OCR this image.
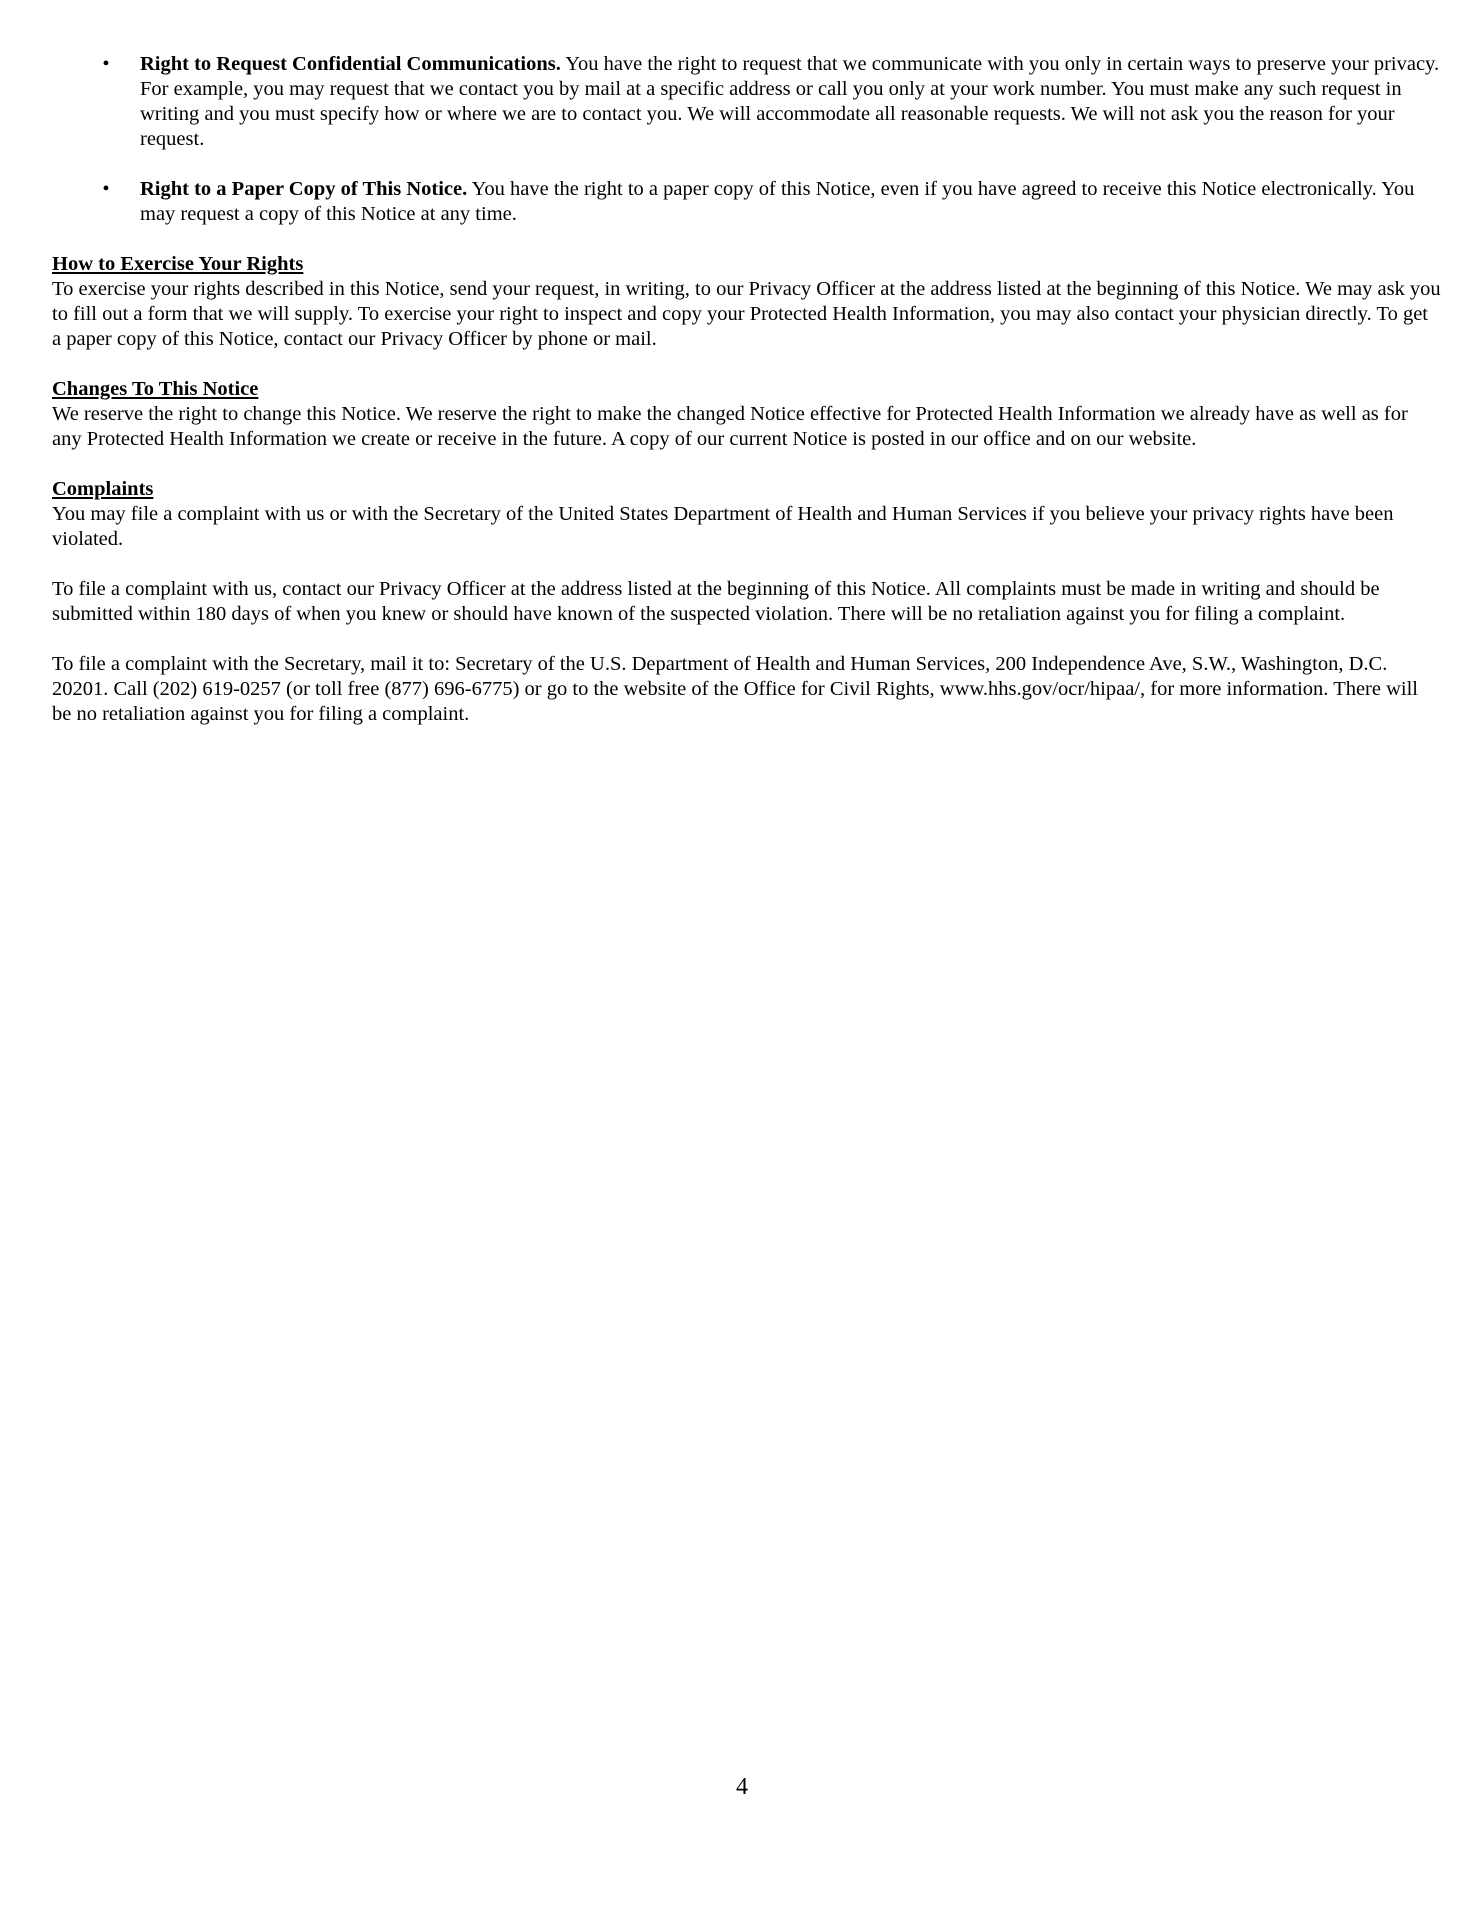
•	Right to Request Confidential Communications. You have the right to request that we communicate with you only in certain ways to preserve your privacy. For example, you may request that we contact you by mail at a specific address or call you only at your work number. You must make any such request in writing and you must specify how or where we are to contact you. We will accommodate all reasonable requests. We will not ask you the reason for your request.
•	Right to a Paper Copy of This Notice. You have the right to a paper copy of this Notice, even if you have agreed to receive this Notice electronically. You may request a copy of this Notice at any time.

How to Exercise Your Rights

To exercise your rights described in this Notice, send your request, in writing, to our Privacy Officer at the address listed at the beginning of this Notice. We may ask you to fill out a form that we will supply. To exercise your right to inspect and copy your Protected Health Information, you may also contact your physician directly. To get a paper copy of this Notice, contact our Privacy Officer by phone or mail.

Changes To This Notice

We reserve the right to change this Notice. We reserve the right to make the changed Notice effective for Protected Health Information we already have as well as for any Protected Health Information we create or receive in the future. A copy of our current Notice is posted in our office and on our website.

Complaints

You may file a complaint with us or with the Secretary of the United States Department of Health and Human Services if you believe your privacy rights have been violated.

To file a complaint with us, contact our Privacy Officer at the address listed at the beginning of this Notice. All complaints must be made in writing and should be submitted within 180 days of when you knew or should have known of the suspected violation. There will be no retaliation against you for filing a complaint.

To file a complaint with the Secretary, mail it to: Secretary of the U.S. Department of Health and Human Services, 200 Independence Ave, S.W., Washington, D.C. 20201. Call (202) 619-0257 (or toll free (877) 696-6775) or go to the website of the Office for Civil Rights, www.hhs.gov/ocr/hipaa/, for more information. There will be no retaliation against you for filing a complaint.

4
